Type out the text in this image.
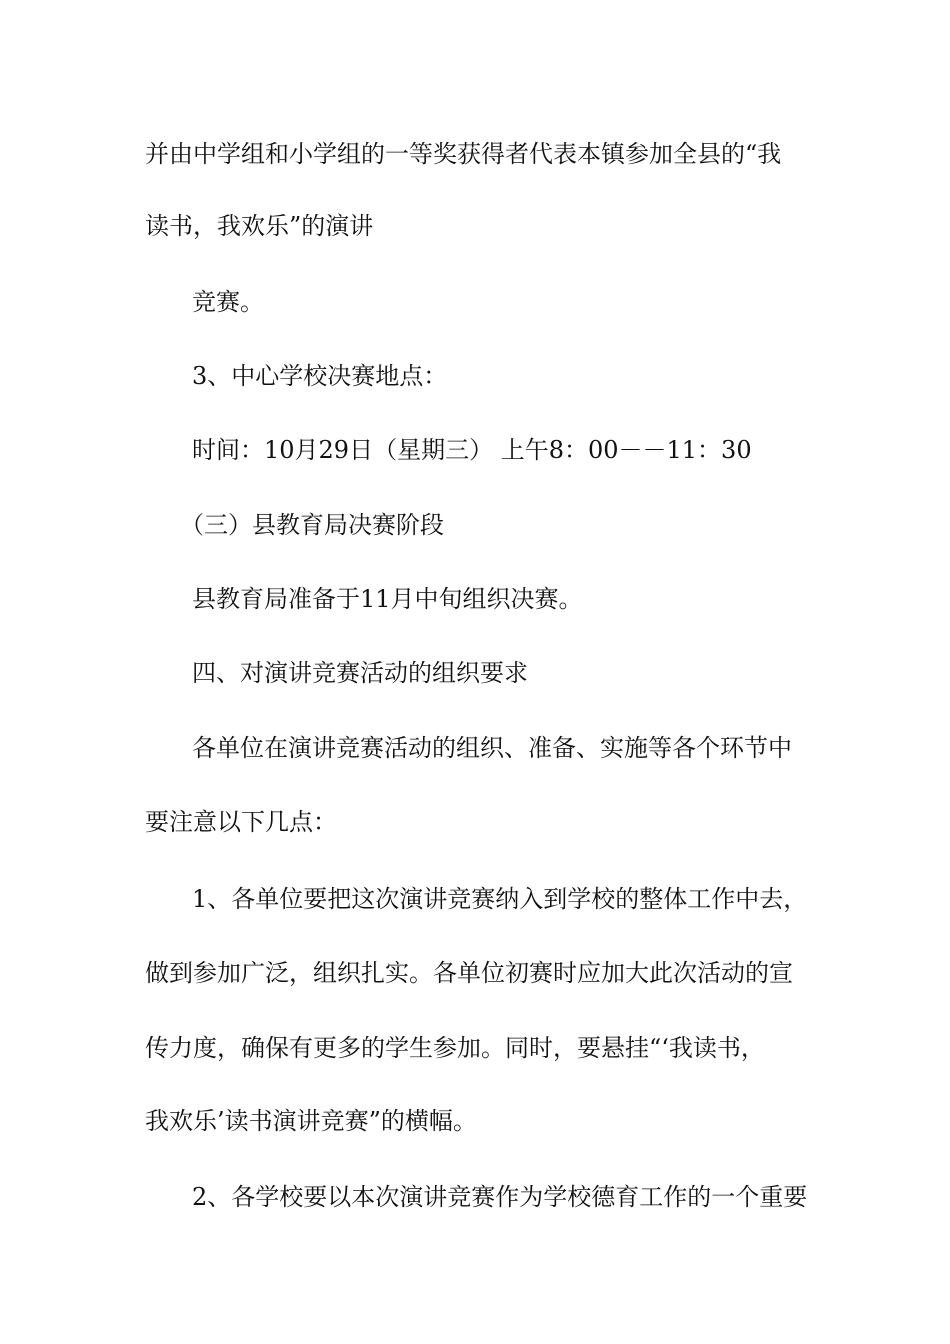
并由中学组和小学组的一等奖获得者代表本镇参加全县的“我
读书，我欢乐”的演讲
竞赛。
3、中心学校决赛地点：
时间：10月29日（星期三） 上午8：00－－11：30
（三）县教育局决赛阶段
县教育局准备于11月中旬组织决赛。
四、对演讲竞赛活动的组织要求
各单位在演讲竞赛活动的组织、准备、实施等各个环节中
要注意以下几点：
1、各单位要把这次演讲竞赛纳入到学校的整体工作中去，
做到参加广泛，组织扎实。各单位初赛时应加大此次活动的宣
传力度，确保有更多的学生参加。同时，要悬挂“‘我读书，
我欢乐’读书演讲竞赛”的横幅。
2、各学校要以本次演讲竞赛作为学校德育工作的一个重要
